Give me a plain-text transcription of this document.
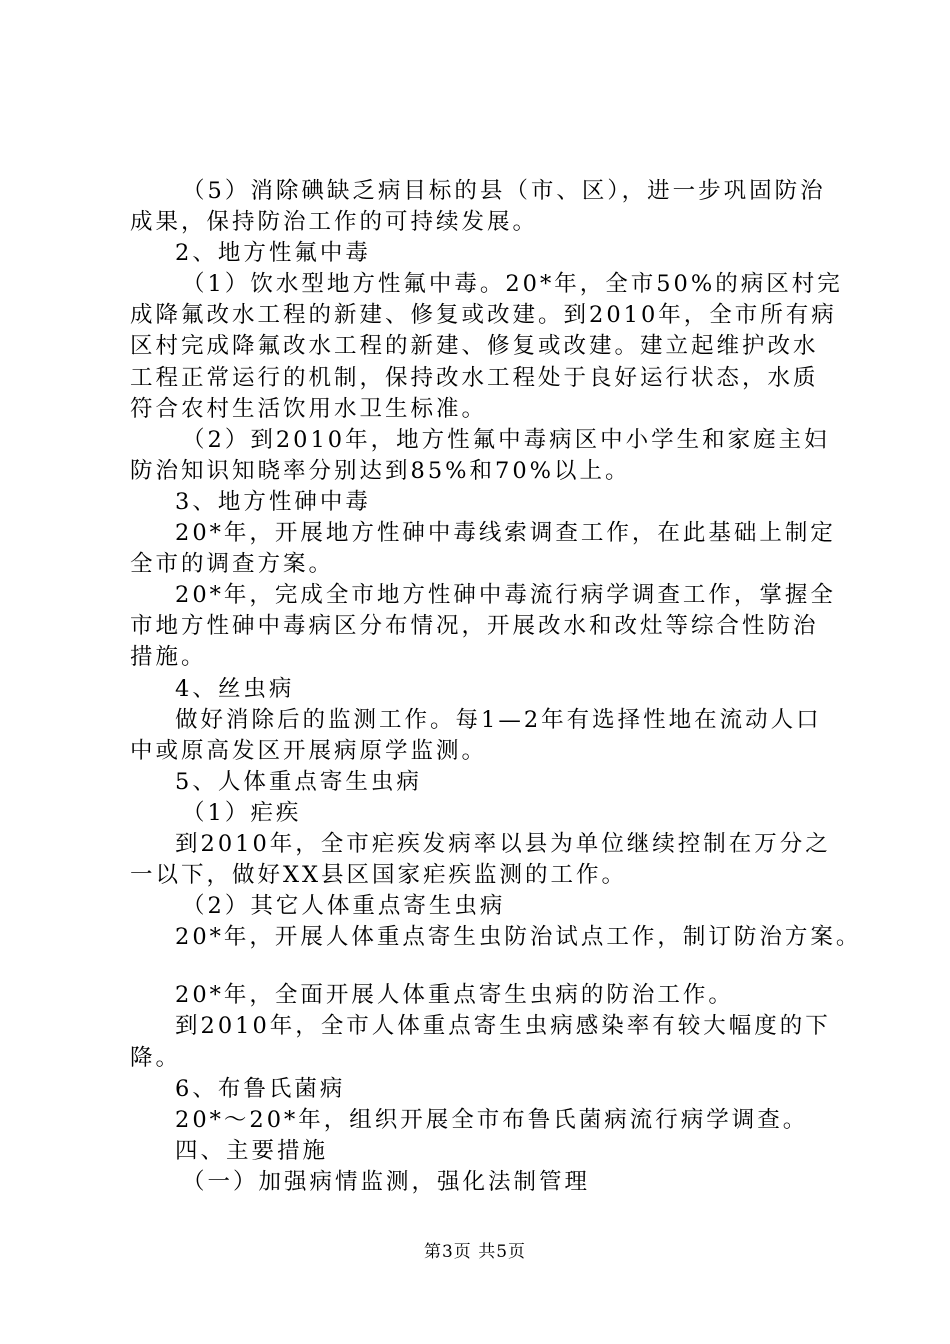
（5）消除碘缺乏病目标的县（市、区），进一步巩固防治
成果，保持防治工作的可持续发展。
2、地方性氟中毒
（1）饮水型地方性氟中毒。20*年，全市50%的病区村完
成降氟改水工程的新建、修复或改建。到2010年，全市所有病
区村完成降氟改水工程的新建、修复或改建。建立起维护改水
工程正常运行的机制，保持改水工程处于良好运行状态，水质
符合农村生活饮用水卫生标准。
（2）到2010年，地方性氟中毒病区中小学生和家庭主妇
防治知识知晓率分别达到85%和70%以上。
3、地方性砷中毒
20*年，开展地方性砷中毒线索调查工作，在此基础上制定
全市的调查方案。
20*年，完成全市地方性砷中毒流行病学调查工作，掌握全
市地方性砷中毒病区分布情况，开展改水和改灶等综合性防治
措施。
4、丝虫病
做好消除后的监测工作。每1—2年有选择性地在流动人口
中或原高发区开展病原学监测。
5、人体重点寄生虫病
（1）疟疾
到2010年，全市疟疾发病率以县为单位继续控制在万分之
一以下，做好XX县区国家疟疾监测的工作。
（2）其它人体重点寄生虫病
20*年，开展人体重点寄生虫防治试点工作，制订防治方案。
20*年，全面开展人体重点寄生虫病的防治工作。
到2010年，全市人体重点寄生虫病感染率有较大幅度的下
降。
6、布鲁氏菌病
20*～20*年，组织开展全市布鲁氏菌病流行病学调查。
四、主要措施
（一）加强病情监测，强化法制管理
第3页 共5页
